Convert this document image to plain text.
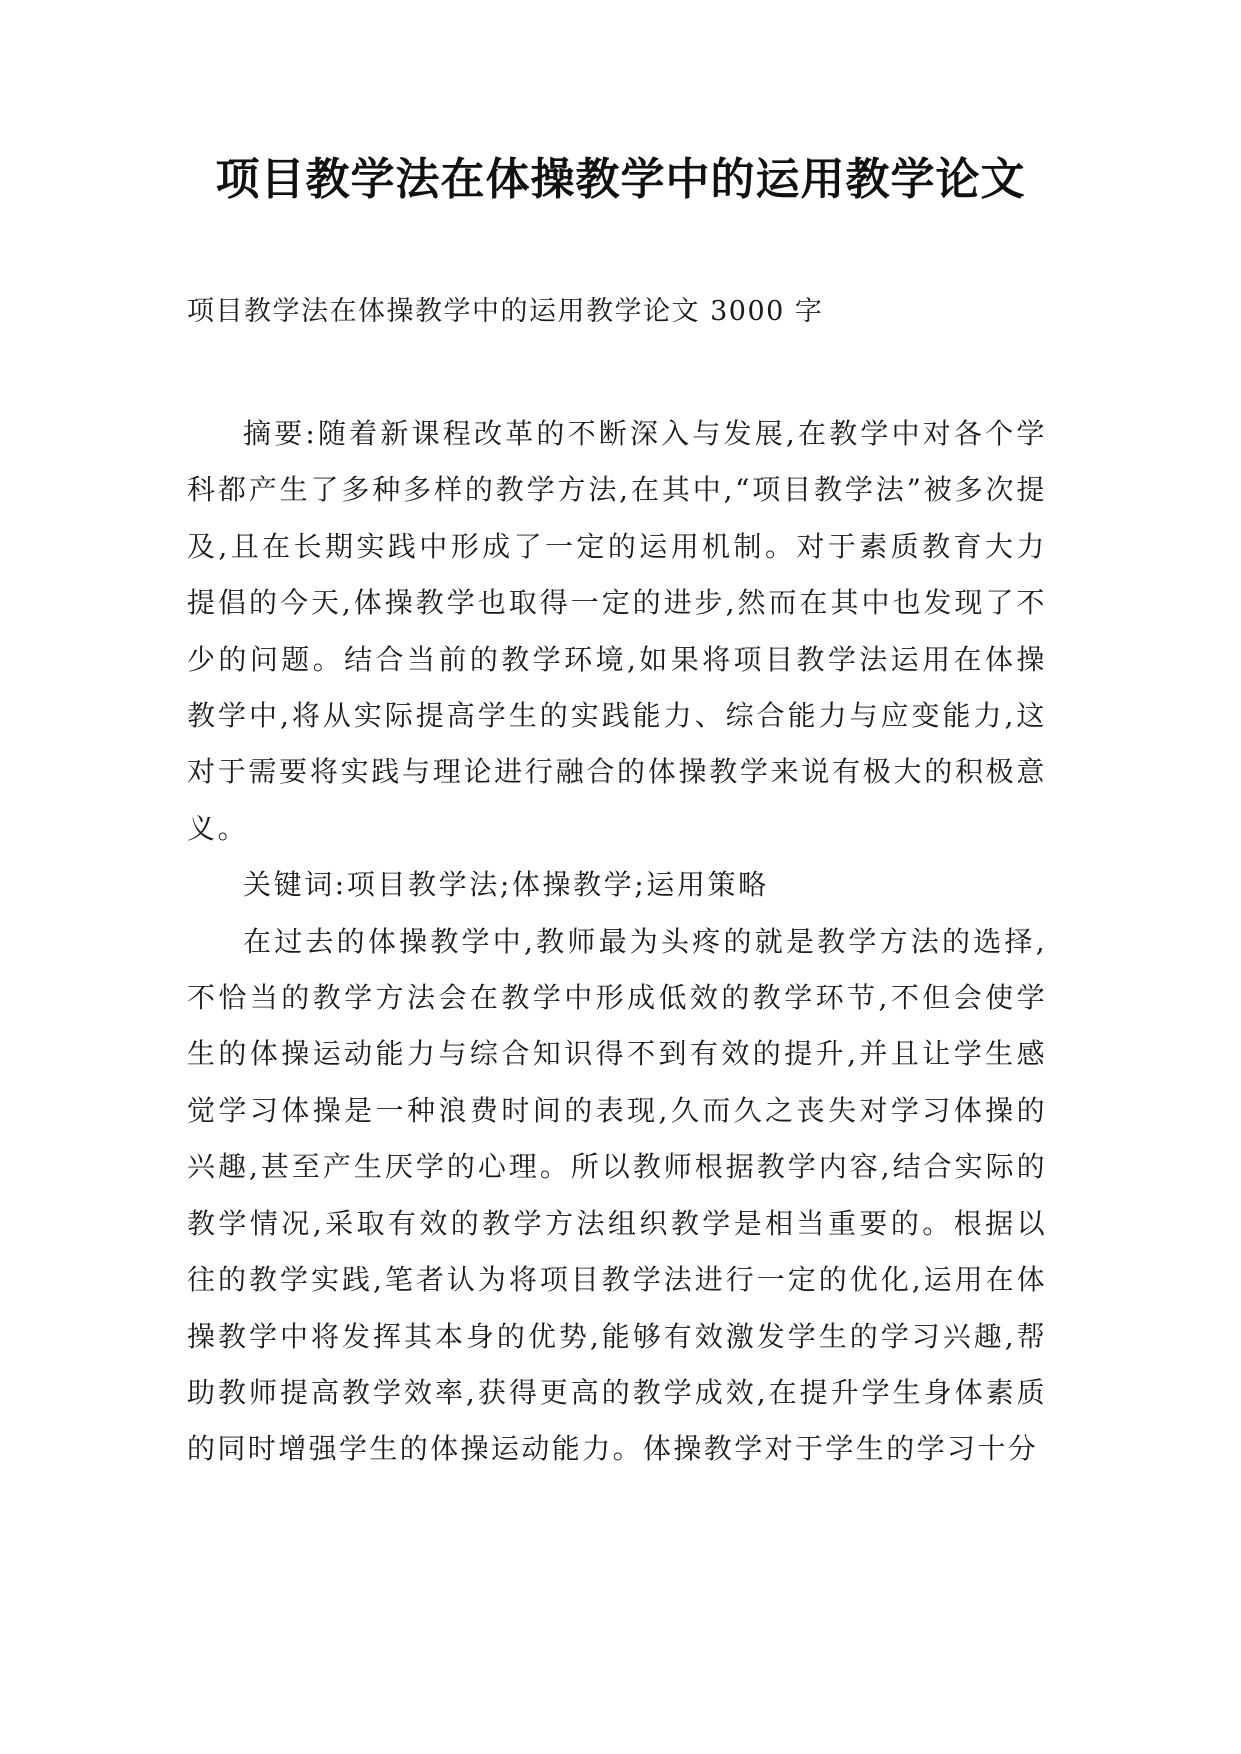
项目教学法在体操教学中的运用教学论文

项目教学法在体操教学中的运用教学论文 3000 字

摘要:随着新课程改革的不断深入与发展,在教学中对各个学科都产生了多种多样的教学方法,在其中,“项目教学法”被多次提及,且在长期实践中形成了一定的运用机制。对于素质教育大力提倡的今天,体操教学也取得一定的进步,然而在其中也发现了不少的问题。结合当前的教学环境,如果将项目教学法运用在体操教学中,将从实际提高学生的实践能力、综合能力与应变能力,这对于需要将实践与理论进行融合的体操教学来说有极大的积极意义。

关键词:项目教学法;体操教学;运用策略

在过去的体操教学中,教师最为头疼的就是教学方法的选择,不恰当的教学方法会在教学中形成低效的教学环节,不但会使学生的体操运动能力与综合知识得不到有效的提升,并且让学生感觉学习体操是一种浪费时间的表现,久而久之丧失对学习体操的兴趣,甚至产生厌学的心理。所以教师根据教学内容,结合实际的教学情况,采取有效的教学方法组织教学是相当重要的。根据以往的教学实践,笔者认为将项目教学法进行一定的优化,运用在体操教学中将发挥其本身的优势,能够有效激发学生的学习兴趣,帮助教师提高教学效率,获得更高的教学成效,在提升学生身体素质的同时增强学生的体操运动能力。体操教学对于学生的学习十分
